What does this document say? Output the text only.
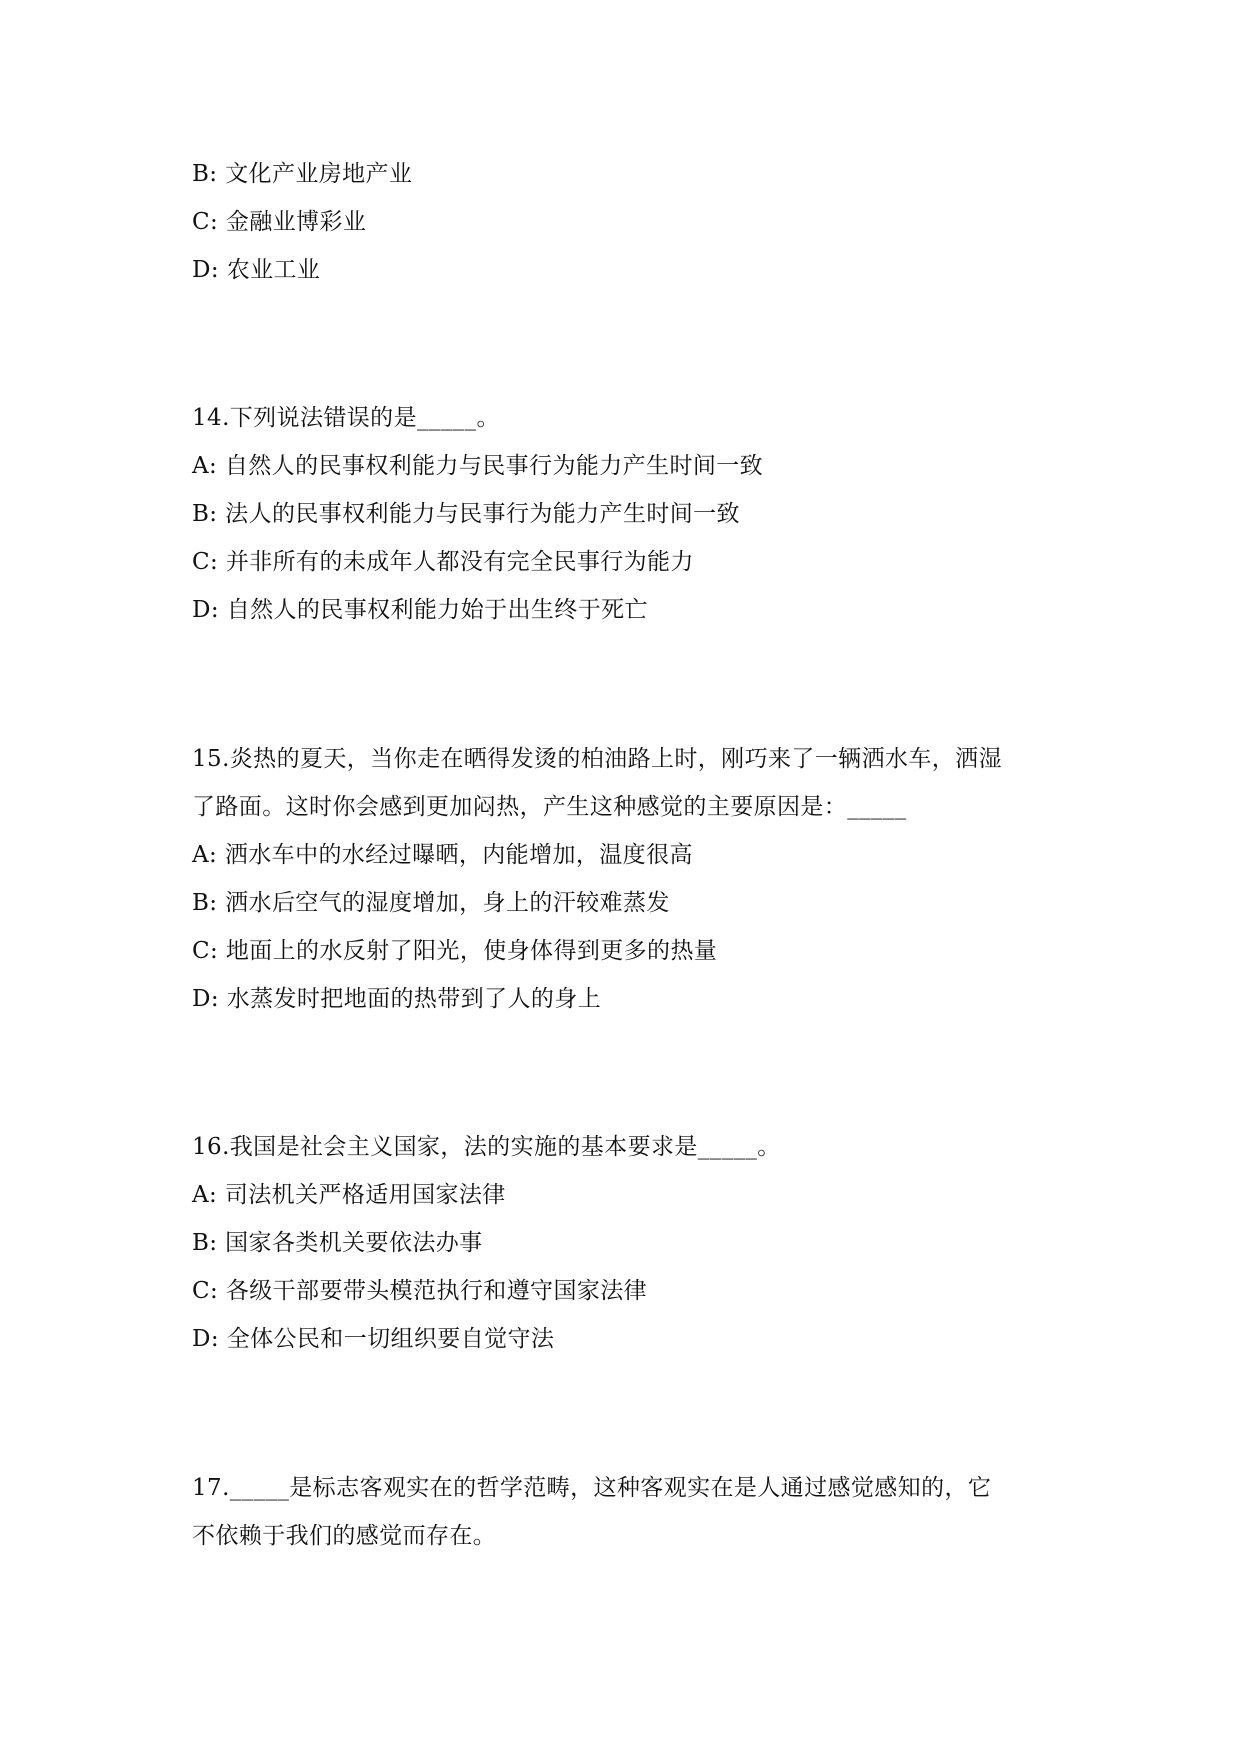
B: 文化产业房地产业
C: 金融业博彩业
D: 农业工业
14.下列说法错误的是_____。
A: 自然人的民事权利能力与民事行为能力产生时间一致
B: 法人的民事权利能力与民事行为能力产生时间一致
C: 并非所有的未成年人都没有完全民事行为能力
D: 自然人的民事权利能力始于出生终于死亡
15.炎热的夏天，当你走在晒得发烫的柏油路上时，刚巧来了一辆洒水车，洒湿
了路面。这时你会感到更加闷热，产生这种感觉的主要原因是：_____
A: 洒水车中的水经过曝晒，内能增加，温度很高
B: 洒水后空气的湿度增加，身上的汗较难蒸发
C: 地面上的水反射了阳光，使身体得到更多的热量
D: 水蒸发时把地面的热带到了人的身上
16.我国是社会主义国家，法的实施的基本要求是_____。
A: 司法机关严格适用国家法律
B: 国家各类机关要依法办事
C: 各级干部要带头模范执行和遵守国家法律
D: 全体公民和一切组织要自觉守法
17._____是标志客观实在的哲学范畴，这种客观实在是人通过感觉感知的，它
不依赖于我们的感觉而存在。
